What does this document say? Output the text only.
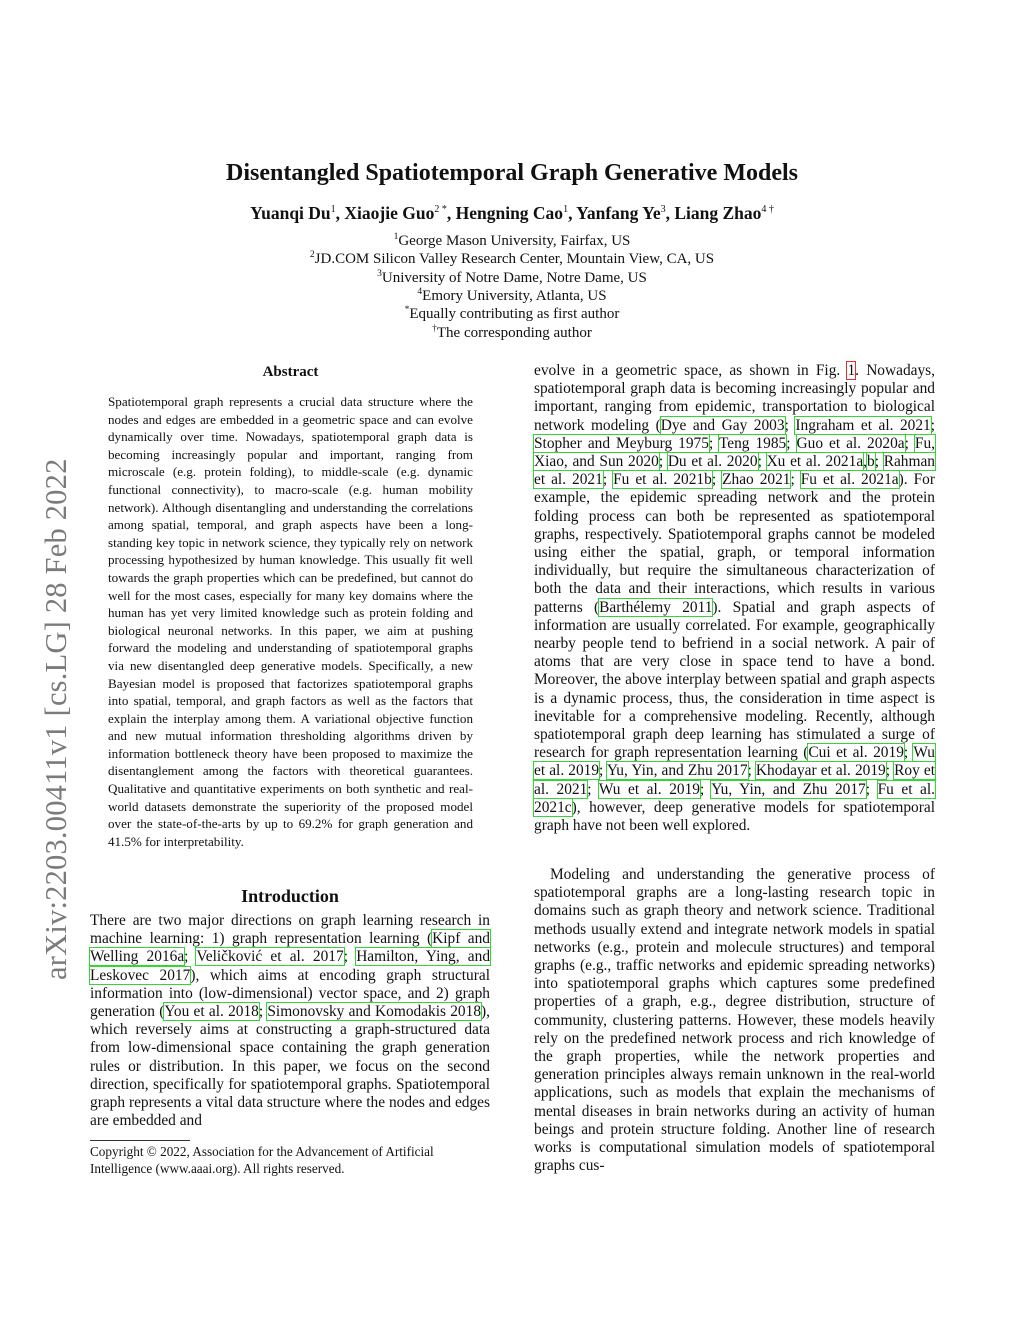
arXiv:2203.00411v1 [cs.LG] 28 Feb 2022
Disentangled Spatiotemporal Graph Generative Models
Yuanqi Du$^1$, Xiaojie Guo$^{2 *}$, Hengning Cao$^1$, Yanfang Ye$^3$, Liang Zhao$^{4 \dagger}$
$^1$George Mason University, Fairfax, US
$^2$JD.COM Silicon Valley Research Center, Mountain View, CA, US
$^3$University of Notre Dame, Notre Dame, US
$^4$Emory University, Atlanta, US
*Equally contributing as first author
†The corresponding author
Abstract
Spatiotemporal graph represents a crucial data structure where the nodes and edges are embedded in a geometric space and can evolve dynamically over time. Nowadays, spatiotemporal graph data is becoming increasingly popular and important, ranging from microscale (e.g. protein folding), to middle-scale (e.g. dynamic functional connectivity), to macro-scale (e.g. human mobility network). Although disentangling and understanding the correlations among spatial, temporal, and graph aspects have been a long-standing key topic in network science, they typically rely on network processing hypothesized by human knowledge. This usually fit well towards the graph properties which can be predefined, but cannot do well for the most cases, especially for many key domains where the human has yet very limited knowledge such as protein folding and biological neuronal networks. In this paper, we aim at pushing forward the modeling and understanding of spatiotemporal graphs via new disentangled deep generative models. Specifically, a new Bayesian model is proposed that factorizes spatiotemporal graphs into spatial, temporal, and graph factors as well as the factors that explain the interplay among them. A variational objective function and new mutual information thresholding algorithms driven by information bottleneck theory have been proposed to maximize the disentanglement among the factors with theoretical guarantees. Qualitative and quantitative experiments on both synthetic and real-world datasets demonstrate the superiority of the proposed model over the state-of-the-arts by up to 69.2% for graph generation and 41.5% for interpretability.
Introduction
There are two major directions on graph learning research in machine learning: 1) graph representation learning (Kipf and Welling 2016a; Veličković et al. 2017; Hamilton, Ying, and Leskovec 2017), which aims at encoding graph structural information into (low-dimensional) vector space, and 2) graph generation (You et al. 2018; Simonovsky and Komodakis 2018), which reversely aims at constructing a graph-structured data from low-dimensional space containing the graph generation rules or distribution. In this paper, we focus on the second direction, specifically for spatiotemporal graphs. Spatiotemporal graph represents a vital data structure where the nodes and edges are embedded and
Copyright © 2022, Association for the Advancement of Artificial Intelligence (www.aaai.org). All rights reserved.
evolve in a geometric space, as shown in Fig. 1. Nowadays, spatiotemporal graph data is becoming increasingly popular and important, ranging from epidemic, transportation to biological network modeling (Dye and Gay 2003; Ingraham et al. 2021; Stopher and Meyburg 1975; Teng 1985; Guo et al. 2020a; Fu, Xiao, and Sun 2020; Du et al. 2020; Xu et al. 2021a,b; Rahman et al. 2021; Fu et al. 2021b; Zhao 2021; Fu et al. 2021a). For example, the epidemic spreading network and the protein folding process can both be represented as spatiotemporal graphs, respectively. Spatiotemporal graphs cannot be modeled using either the spatial, graph, or temporal information individually, but require the simultaneous characterization of both the data and their interactions, which results in various patterns (Barthélemy 2011). Spatial and graph aspects of information are usually correlated. For example, geographically nearby people tend to befriend in a social network. A pair of atoms that are very close in space tend to have a bond. Moreover, the above interplay between spatial and graph aspects is a dynamic process, thus, the consideration in time aspect is inevitable for a comprehensive modeling. Recently, although spatiotemporal graph deep learning has stimulated a surge of research for graph representation learning (Cui et al. 2019; Wu et al. 2019; Yu, Yin, and Zhu 2017; Khodayar et al. 2019; Roy et al. 2021; Wu et al. 2019; Yu, Yin, and Zhu 2017; Fu et al. 2021c), however, deep generative models for spatiotemporal graph have not been well explored.
Modeling and understanding the generative process of spatiotemporal graphs are a long-lasting research topic in domains such as graph theory and network science. Traditional methods usually extend and integrate network models in spatial networks (e.g., protein and molecule structures) and temporal graphs (e.g., traffic networks and epidemic spreading networks) into spatiotemporal graphs which captures some predefined properties of a graph, e.g., degree distribution, structure of community, clustering patterns. However, these models heavily rely on the predefined network process and rich knowledge of the graph properties, while the network properties and generation principles always remain unknown in the real-world applications, such as models that explain the mechanisms of mental diseases in brain networks during an activity of human beings and protein structure folding. Another line of research works is computational simulation models of spatiotemporal graphs cus-
